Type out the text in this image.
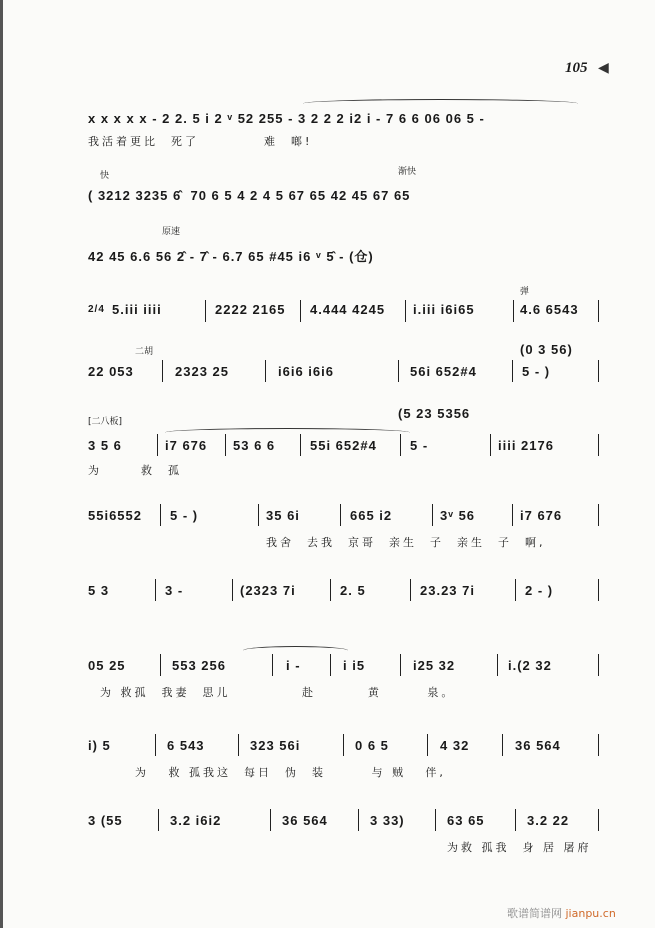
105 ◀
x x x x x - 2 2. 5 i 2 ᵛ 52 255 - 3 2 2 2 i2 i - 7 6 6 06 06 5 -
我活着更比  死了          难  啷!
快	渐快
( 3212 3235 6̂  70 6 5 4 2 4 5 67 65 42 45 67 65
原速
42 45 6.6 56 2̂ - 7̂ - 6.7 65 #45 i6 ᵛ 5̂ - (仓)
弹
2/4 5.iii iiii	2222 2165 4.444 4245 i.iii i6i65	4.6 6543
二胡	(0 3 56)
22 053	2323 25	i6i6 i6i6	56i 652#4	5 - )
[二八板]
(5 23 5356
3 5 6	i7 676 53 6 6	55i 652#4	5 -	iiii 2176
为      救  孤
55i6552 5 - )	35 6i	665 i2	3ᵛ 56	i7 676
我舍  去我  京哥  亲生  子  亲生  子  啊,
5 3	3 -	(2323 7i	2. 5	23.23 7i	2 - )
05 25	553 256	i -	i i5	i25 32	i.(2 32
为 救孤  我妻  思儿           赴        黄       泉。
i) 5	6 543	323 56i	0 6 5	4 32	36 564
为   救 孤我这  每日  伪  装       与 贼   伴,
3 (55	3.2 i6i2	36 564	3 33)	63 65	3.2 22
为救 孤我  身 居 屠府
歌谱简谱网 jianpu.cn
